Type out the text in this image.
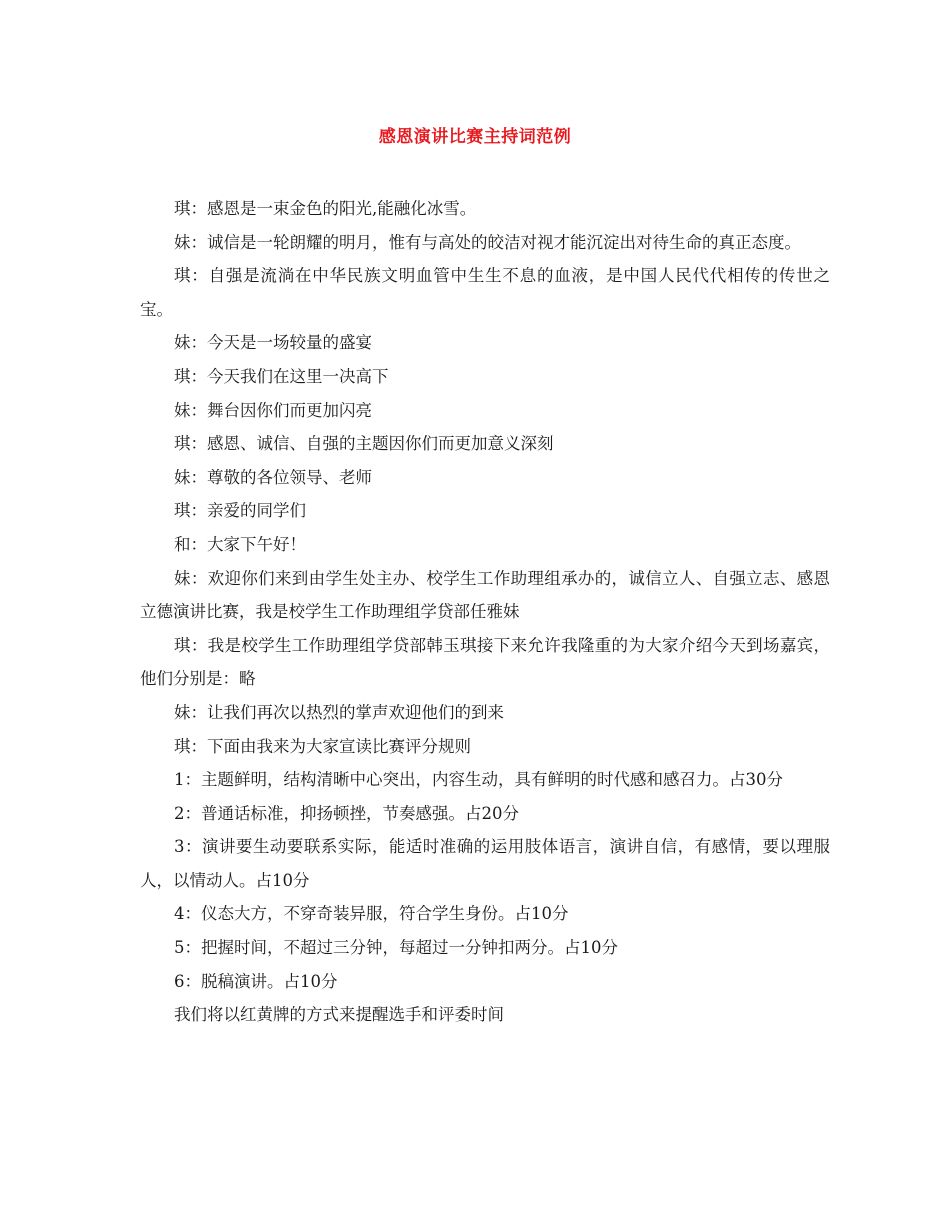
感恩演讲比赛主持词范例

琪：感恩是一束金色的阳光,能融化冰雪。

妹：诚信是一轮朗耀的明月，惟有与高处的皎洁对视才能沉淀出对待生命的真正态度。

琪：自强是流淌在中华民族文明血管中生生不息的血液，是中国人民代代相传的传世之宝。

妹：今天是一场较量的盛宴

琪：今天我们在这里一决高下

妹：舞台因你们而更加闪亮

琪：感恩、诚信、自强的主题因你们而更加意义深刻

妹：尊敬的各位领导、老师

琪：亲爱的同学们

和：大家下午好！

妹：欢迎你们来到由学生处主办、校学生工作助理组承办的，诚信立人、自强立志、感恩立德演讲比赛，我是校学生工作助理组学贷部任雅妹

琪：我是校学生工作助理组学贷部韩玉琪接下来允许我隆重的为大家介绍今天到场嘉宾，他们分别是：略

妹：让我们再次以热烈的掌声欢迎他们的到来

琪：下面由我来为大家宣读比赛评分规则

1：主题鲜明，结构清晰中心突出，内容生动，具有鲜明的时代感和感召力。占30分

2：普通话标准，抑扬顿挫，节奏感强。占20分

3：演讲要生动要联系实际，能适时准确的运用肢体语言，演讲自信，有感情，要以理服人，以情动人。占10分

4：仪态大方，不穿奇装异服，符合学生身份。占10分

5：把握时间，不超过三分钟，每超过一分钟扣两分。占10分

6：脱稿演讲。占10分

我们将以红黄牌的方式来提醒选手和评委时间
